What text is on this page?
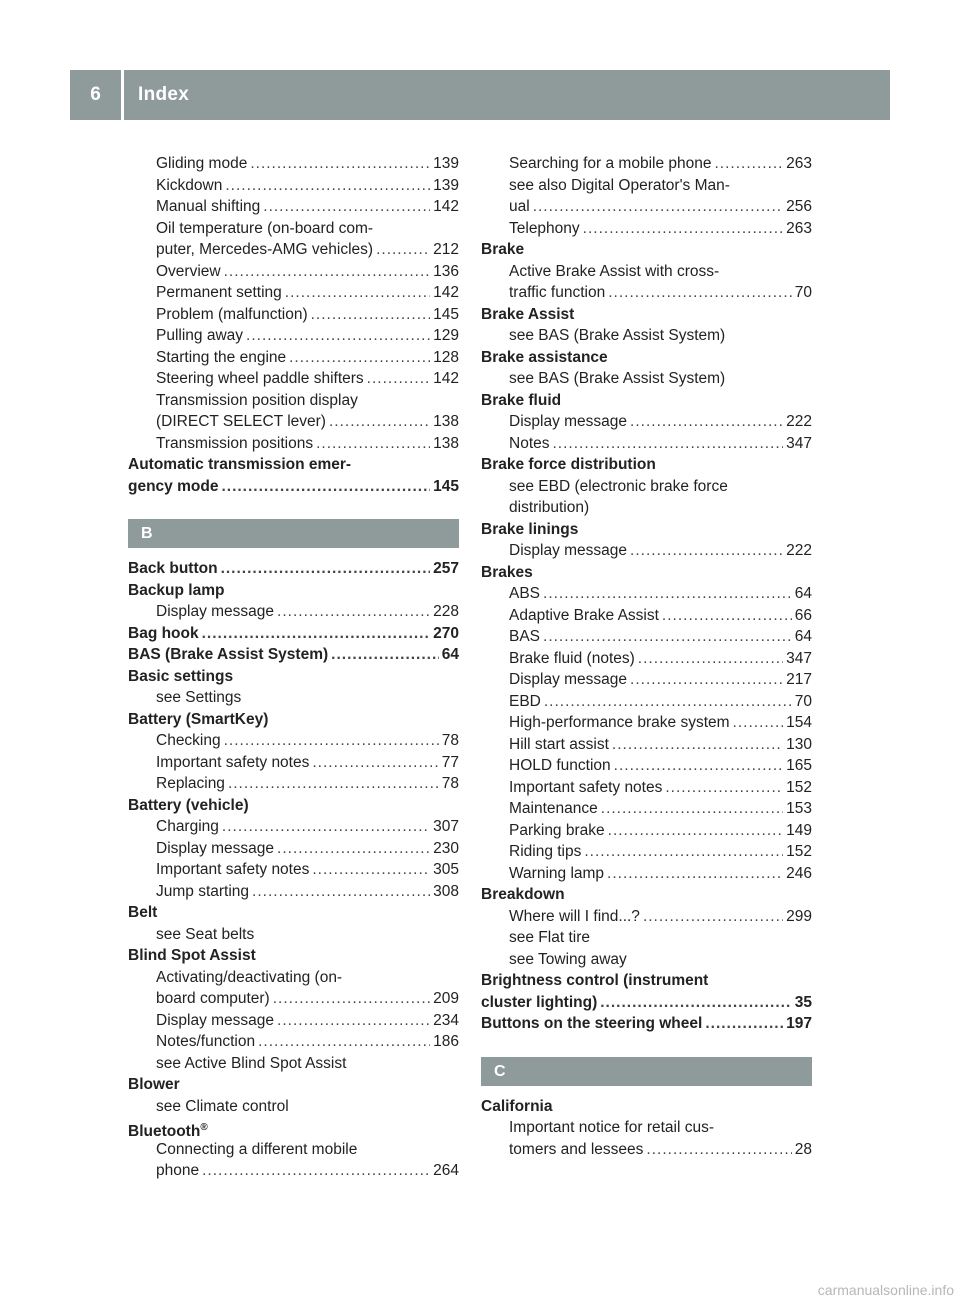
6	Index
Gliding mode .....	139
Kickdown .....	139
Manual shifting .....	142
Oil temperature (on-board com-
puter, Mercedes-AMG vehicles) .....	212
Overview .....	136
Permanent setting .....	142
Problem (malfunction) .....	145
Pulling away .....	129
Starting the engine .....	128
Steering wheel paddle shifters .....	142
Transmission position display
(DIRECT SELECT lever) .....	138
Transmission positions .....	138
Automatic transmission emer-
gency mode .....	145
B
Back button .....	257
Backup lamp
Display message .....	228
Bag hook .....	270
BAS (Brake Assist System) .....	64
Basic settings
see Settings
Battery (SmartKey)
Checking .....	78
Important safety notes .....	77
Replacing .....	78
Battery (vehicle)
Charging .....	307
Display message .....	230
Important safety notes .....	305
Jump starting .....	308
Belt
see Seat belts
Blind Spot Assist
Activating/deactivating (on-
board computer) .....	209
Display message .....	234
Notes/function .....	186
see Active Blind Spot Assist
Blower
see Climate control
Bluetooth®
Connecting a different mobile
phone .....	264
Searching for a mobile phone .....	263
see also Digital Operator's Man-
ual .....	256
Telephony .....	263
Brake
Active Brake Assist with cross-
traffic function .....	70
Brake Assist
see BAS (Brake Assist System)
Brake assistance
see BAS (Brake Assist System)
Brake fluid
Display message .....	222
Notes .....	347
Brake force distribution
see EBD (electronic brake force
distribution)
Brake linings
Display message .....	222
Brakes
ABS .....	64
Adaptive Brake Assist .....	66
BAS .....	64
Brake fluid (notes) .....	347
Display message .....	217
EBD .....	70
High-performance brake system .....	154
Hill start assist .....	130
HOLD function .....	165
Important safety notes .....	152
Maintenance .....	153
Parking brake .....	149
Riding tips .....	152
Warning lamp .....	246
Breakdown
Where will I find...? .....	299
see Flat tire
see Towing away
Brightness control (instrument
cluster lighting) .....	35
Buttons on the steering wheel .....	197
C
California
Important notice for retail cus-
tomers and lessees .....	28
carmanualsonline.info
